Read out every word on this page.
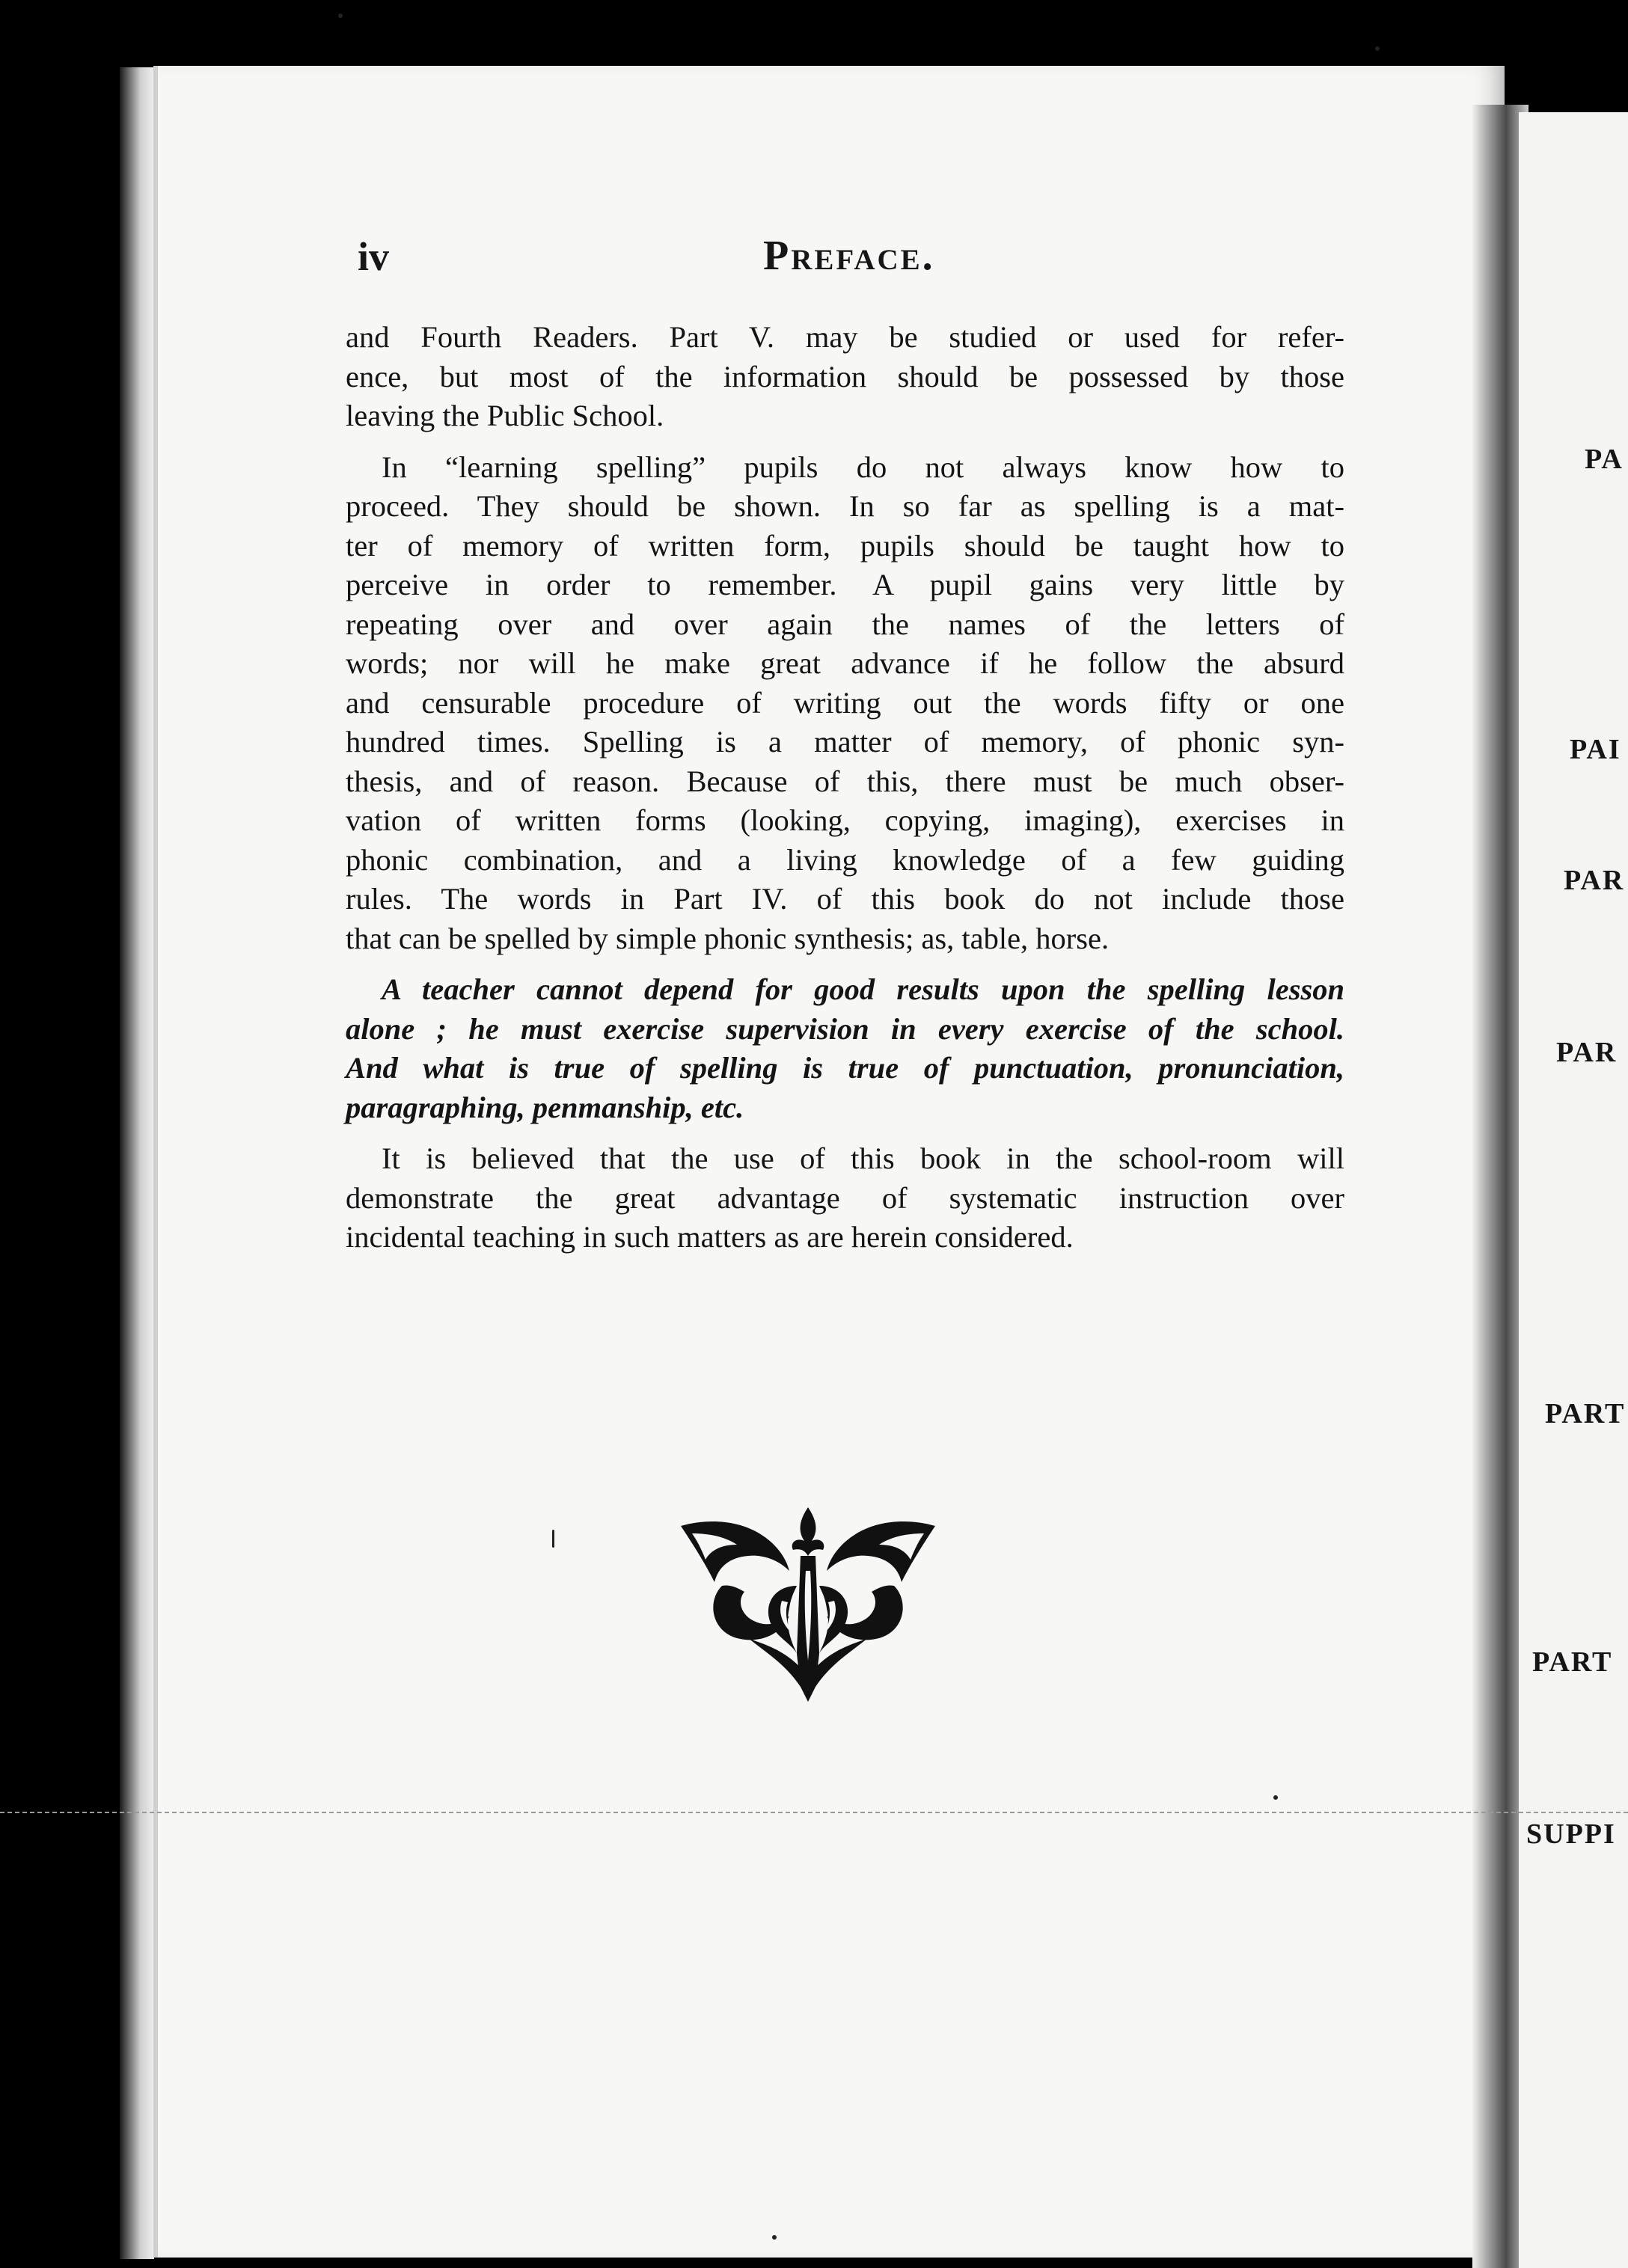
iv	Preface.

and Fourth Readers. Part V. may be studied or used for refer-
ence, but most of the information should be possessed by those
leaving the Public School.

In “learning spelling” pupils do not always know how to
proceed. They should be shown. In so far as spelling is a mat-
ter of memory of written form, pupils should be taught how to
perceive in order to remember. A pupil gains very little by
repeating over and over again the names of the letters of
words; nor will he make great advance if he follow the absurd
and censurable procedure of writing out the words fifty or one
hundred times. Spelling is a matter of memory, of phonic syn-
thesis, and of reason. Because of this, there must be much obser-
vation of written forms (looking, copying, imaging), exercises in
phonic combination, and a living knowledge of a few guiding
rules. The words in Part IV. of this book do not include those
that can be spelled by simple phonic synthesis; as, table, horse.

A teacher cannot depend for good results upon the spelling lesson
alone ; he must exercise supervision in every exercise of the school.
And what is true of spelling is true of punctuation, pronunciation,
paragraphing, penmanship, etc.

It is believed that the use of this book in the school-room will
demonstrate the great advantage of systematic instruction over
incidental teaching in such matters as are herein considered.

PA
PAI
PAR
PAR
PART
PART
SUPPI
